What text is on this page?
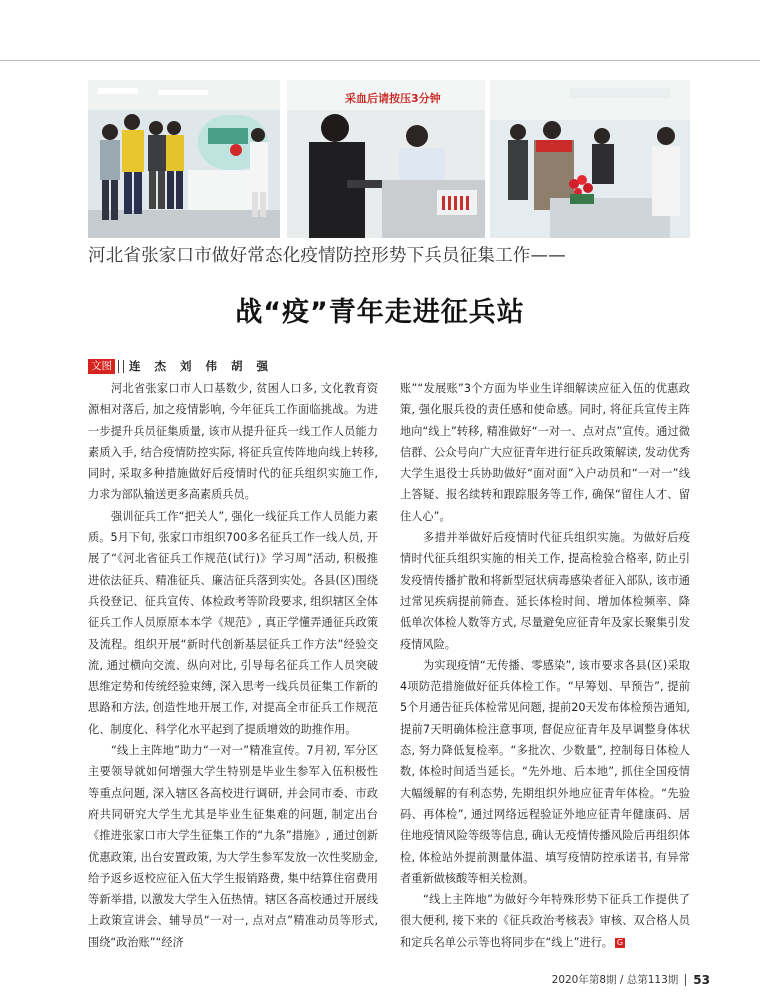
采血后请按压3分钟
河北省张家口市做好常态化疫情防控形势下兵员征集工作——
战“疫”青年走进征兵站
文图 连 杰 刘 伟 胡 强

河北省张家口市人口基数少, 贫困人口多, 文化教育资源相对落后, 加之疫情影响, 今年征兵工作面临挑战。为进一步提升兵员征集质量, 该市从提升征兵一线工作人员能力素质入手, 结合疫情防控实际, 将征兵宣传阵地向线上转移, 同时, 采取多种措施做好后疫情时代的征兵组织实施工作, 力求为部队输送更多高素质兵员。

强训征兵工作“把关人”, 强化一线征兵工作人员能力素质。5月下旬, 张家口市组织700多名征兵工作一线人员, 开展了“《河北省征兵工作规范(试行)》学习周”活动, 积极推进依法征兵、精准征兵、廉洁征兵落到实处。各县(区)围绕兵役登记、征兵宣传、体检政考等阶段要求, 组织辖区全体征兵工作人员原原本本学《规范》, 真正学懂弄通征兵政策及流程。组织开展“新时代创新基层征兵工作方法”经验交流, 通过横向交流、纵向对比, 引导每名征兵工作人员突破思维定势和传统经验束缚, 深入思考一线兵员征集工作新的思路和方法, 创造性地开展工作, 对提高全市征兵工作规范化、制度化、科学化水平起到了提质增效的助推作用。

“线上主阵地”助力“一对一”精准宣传。7月初, 军分区主要领导就如何增强大学生特别是毕业生参军入伍积极性等重点问题, 深入辖区各高校进行调研, 并会同市委、市政府共同研究大学生尤其是毕业生征集难的问题, 制定出台《推进张家口市大学生征集工作的“九条”措施》, 通过创新优惠政策, 出台安置政策, 为大学生参军发放一次性奖励金, 给予返乡返校应征入伍大学生报销路费, 集中结算住宿费用等新举措, 以激发大学生入伍热情。辖区各高校通过开展线上政策宣讲会、辅导员“一对一, 点对点”精准动员等形式, 围绕“政治账”“经济

账”“发展账”3个方面为毕业生详细解读应征入伍的优惠政策, 强化服兵役的责任感和使命感。同时, 将征兵宣传主阵地向“线上”转移, 精准做好“一对一、点对点”宣传。通过微信群、公众号向广大应征青年进行征兵政策解读, 发动优秀大学生退役士兵协助做好“面对面”入户动员和“一对一”线上答疑、报名续转和跟踪服务等工作, 确保“留住人才、留住人心”。

多措并举做好后疫情时代征兵组织实施。为做好后疫情时代征兵组织实施的相关工作, 提高检验合格率, 防止引发疫情传播扩散和将新型冠状病毒感染者征入部队, 该市通过常见疾病提前筛查、延长体检时间、增加体检频率、降低单次体检人数等方式, 尽量避免应征青年及家长聚集引发疫情风险。

为实现疫情“无传播、零感染”, 该市要求各县(区)采取4项防范措施做好征兵体检工作。“早筹划、早预告”, 提前5个月通告征兵体检常见问题, 提前20天发布体检预告通知, 提前7天明确体检注意事项, 督促应征青年及早调整身体状态, 努力降低复检率。“多批次、少数量”, 控制每日体检人数, 体检时间适当延长。“先外地、后本地”, 抓住全国疫情大幅缓解的有利态势, 先期组织外地应征青年体检。“先验码、再体检”, 通过网络远程验证外地应征青年健康码、居住地疫情风险等级等信息, 确认无疫情传播风险后再组织体检, 体检站外提前测量体温、填写疫情防控承诺书, 有异常者重新做核酸等相关检测。

“线上主阵地”为做好今年特殊形势下征兵工作提供了很大便利, 接下来的《征兵政治考核表》审核、双合格人员和定兵名单公示等也将同步在“线上”进行。 G

2020年第8期 / 总第113期 53
